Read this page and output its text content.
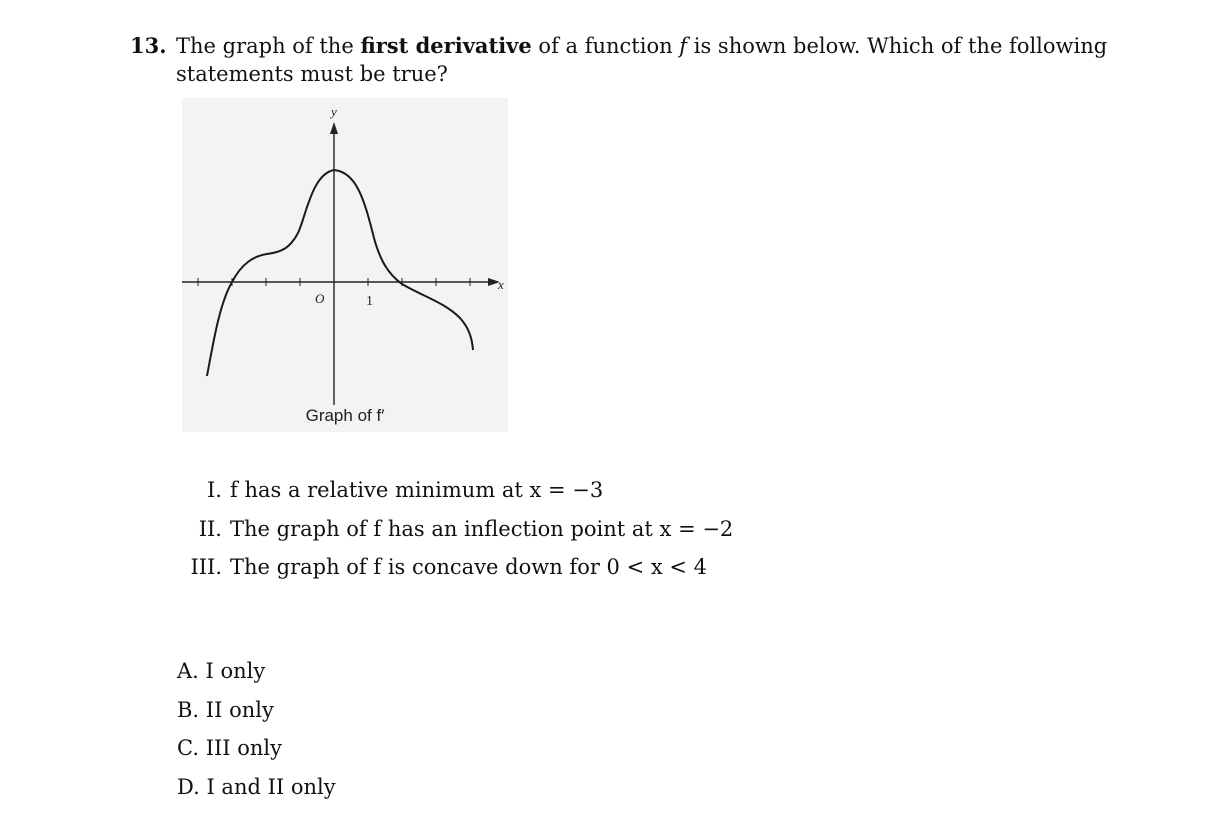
13. The graph of the first derivative of a function f is shown below. Which of the following
statements must be true?
y
x
O	1
Graph of f′
I. f has a relative minimum at x = −3
II. The graph of f has an inflection point at x = −2
III. The graph of f is concave down for 0 < x < 4
A. I only
B. II only
C. III only
D. I and II only
